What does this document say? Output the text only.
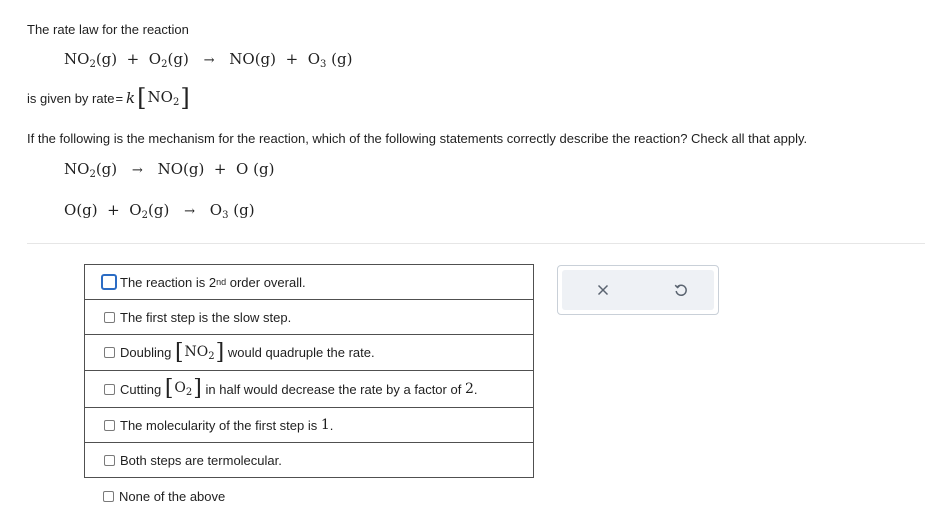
The rate law for the reaction
$NO_2(g) + O_2(g) \to NO(g) + O_3$ (g)
is given by rate = k [ $NO_2$ ]
If the following is the mechanism for the reaction, which of the following statements correctly describe the reaction? Check all that apply.
$NO_2(g) \to NO(g) + O$ (g)
$O(g) + O_2(g) \to O_3$ (g)
The reaction is 2 nd order overall.
The first step is the slow step.
Doubling
[ $NO_2$ ]
would quadruple the rate.
Cutting
[ $O_2$ ]
in half would decrease the rate by a factor of
2 .
The molecularity of the first step is
1 .
Both steps are termolecular.
None of the above
